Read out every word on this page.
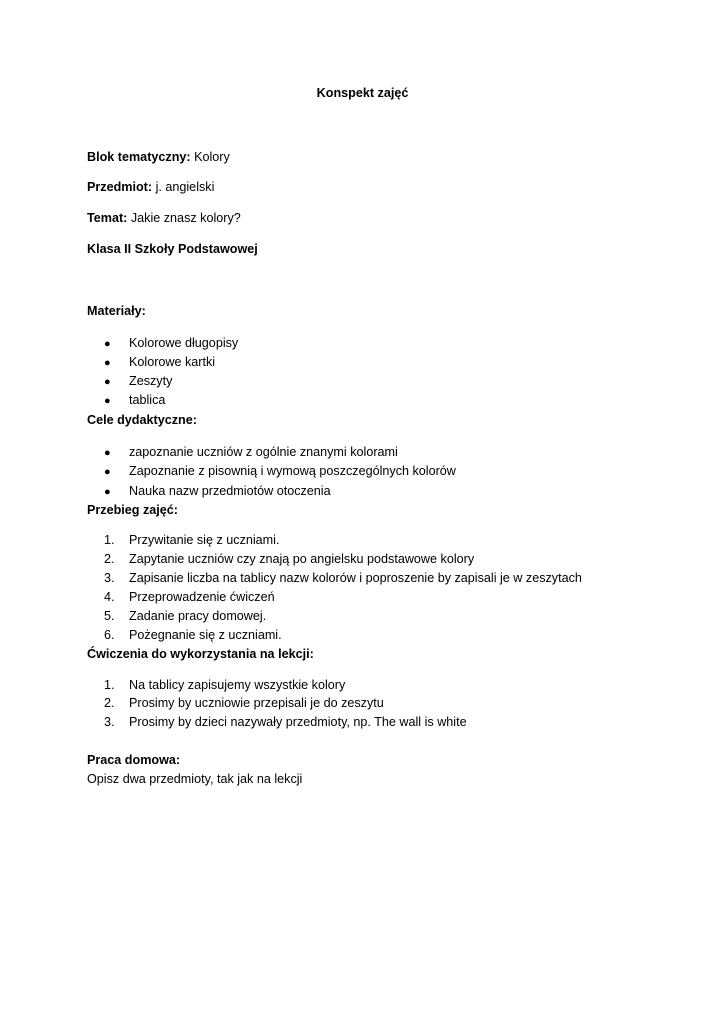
Konspekt zajęć
Blok tematyczny: Kolory
Przedmiot: j. angielski
Temat: Jakie znasz kolory?
Klasa II Szkoły Podstawowej
Materiały:
● Kolorowe długopisy
● Kolorowe kartki
● Zeszyty
● tablica
Cele dydaktyczne:
● zapoznanie uczniów z ogólnie znanymi kolorami
● Zapoznanie z pisownią i wymową poszczególnych kolorów
● Nauka nazw przedmiotów otoczenia
Przebieg zajęć:
1. Przywitanie się z uczniami.
2. Zapytanie uczniów czy znają po angielsku podstawowe kolory
3. Zapisanie liczba na tablicy nazw kolorów i poproszenie by zapisali je w zeszytach
4. Przeprowadzenie ćwiczeń
5. Zadanie pracy domowej.
6. Pożegnanie się z uczniami.
Ćwiczenia do wykorzystania na lekcji:
1. Na tablicy zapisujemy wszystkie kolory
2. Prosimy by uczniowie przepisali je do zeszytu
3. Prosimy by dzieci nazywały przedmioty, np. The wall is white
Praca domowa:
Opisz dwa przedmioty, tak jak na lekcji
